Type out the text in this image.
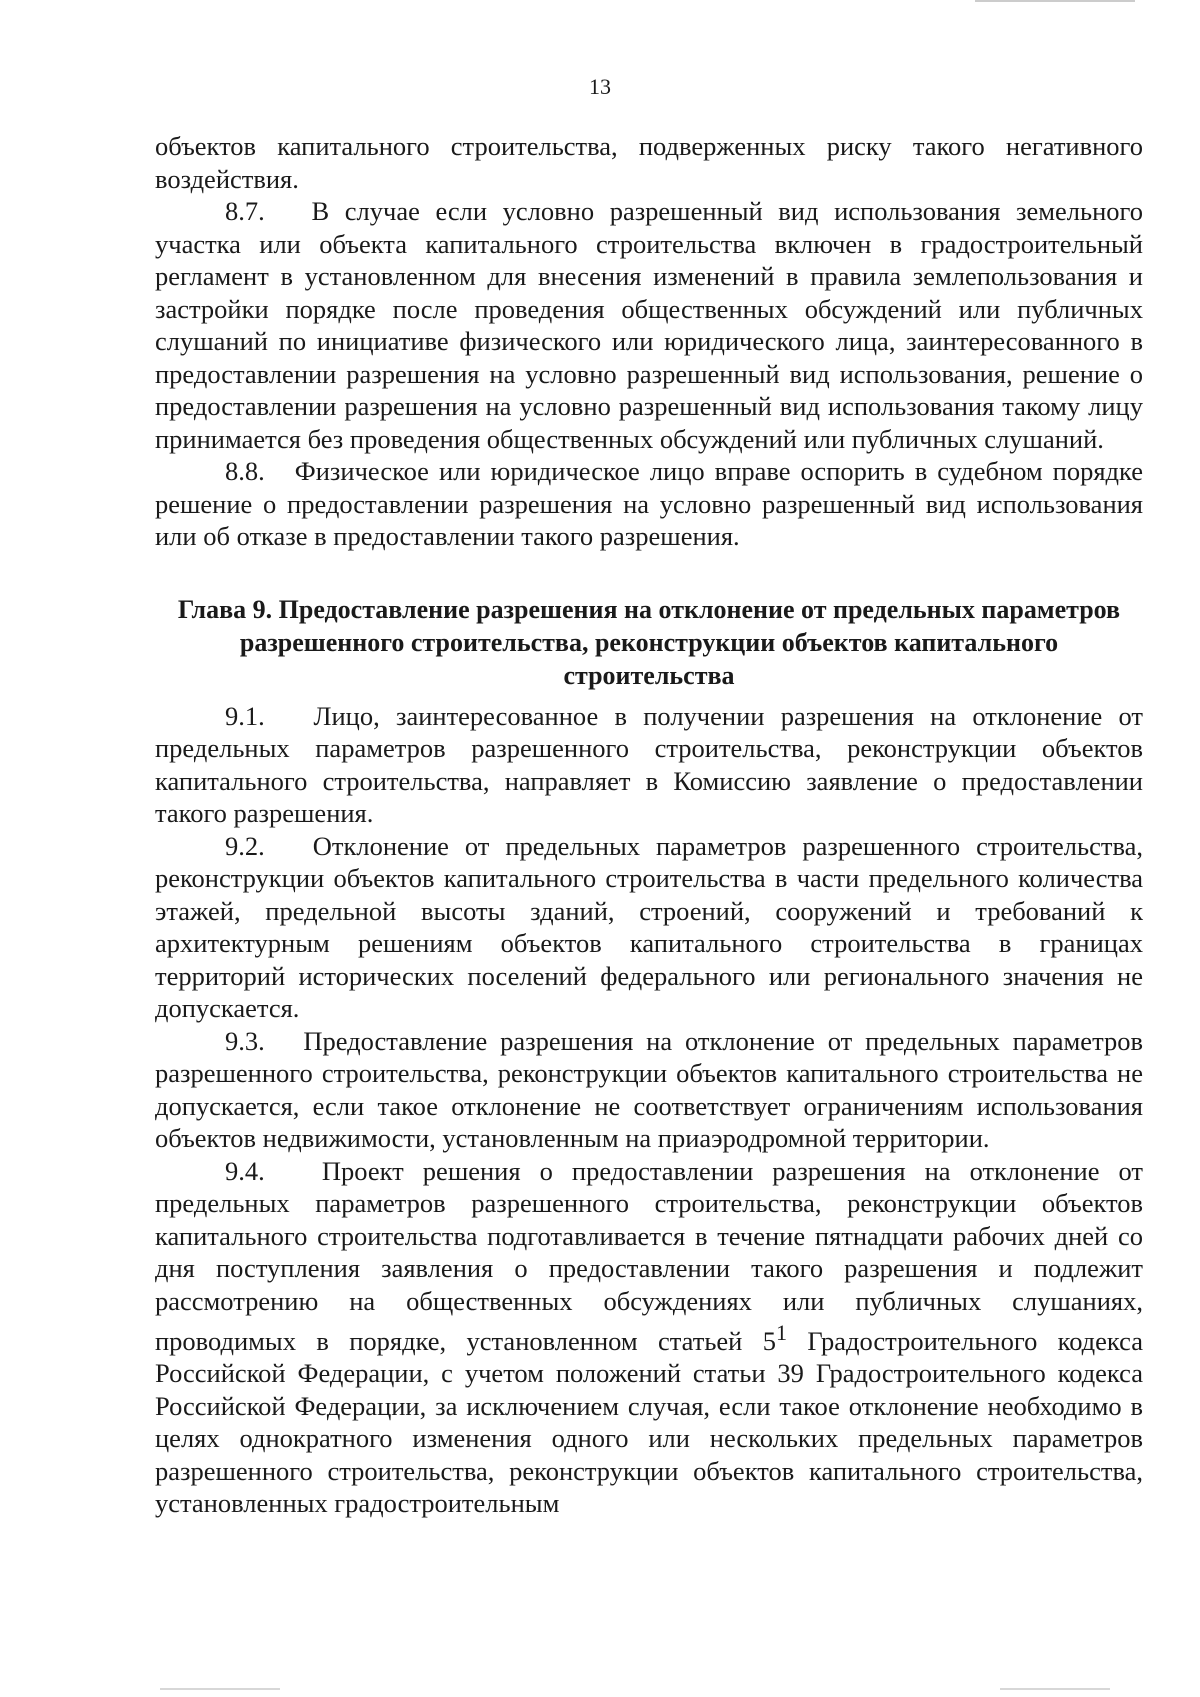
13

объектов капитального строительства, подверженных риску такого негативного воздействия.

8.7. В случае если условно разрешенный вид использования земельного участка или объекта капитального строительства включен в градостроительный регламент в установленном для внесения изменений в правила землепользования и застройки порядке после проведения общественных обсуждений или публичных слушаний по инициативе физического или юридического лица, заинтересованного в предоставлении разрешения на условно разрешенный вид использования, решение о предоставлении разрешения на условно разрешенный вид использования такому лицу принимается без проведения общественных обсуждений или публичных слушаний.

8.8. Физическое или юридическое лицо вправе оспорить в судебном порядке решение о предоставлении разрешения на условно разрешенный вид использования или об отказе в предоставлении такого разрешения.

Глава 9. Предоставление разрешения на отклонение от предельных параметров разрешенного строительства, реконструкции объектов капитального строительства

9.1. Лицо, заинтересованное в получении разрешения на отклонение от предельных параметров разрешенного строительства, реконструкции объектов капитального строительства, направляет в Комиссию заявление о предоставлении такого разрешения.

9.2. Отклонение от предельных параметров разрешенного строительства, реконструкции объектов капитального строительства в части предельного количества этажей, предельной высоты зданий, строений, сооружений и требований к архитектурным решениям объектов капитального строительства в границах территорий исторических поселений федерального или регионального значения не допускается.

9.3. Предоставление разрешения на отклонение от предельных параметров разрешенного строительства, реконструкции объектов капитального строительства не допускается, если такое отклонение не соответствует ограничениям использования объектов недвижимости, установленным на приаэродромной территории.

9.4. Проект решения о предоставлении разрешения на отклонение от предельных параметров разрешенного строительства, реконструкции объектов капитального строительства подготавливается в течение пятнадцати рабочих дней со дня поступления заявления о предоставлении такого разрешения и подлежит рассмотрению на общественных обсуждениях или публичных слушаниях, проводимых в порядке, установленном статьей $5^1$ Градостроительного кодекса Российской Федерации, с учетом положений статьи 39 Градостроительного кодекса Российской Федерации, за исключением случая, если такое отклонение необходимо в целях однократного изменения одного или нескольких предельных параметров разрешенного строительства, реконструкции объектов капитального строительства, установленных градостроительным
